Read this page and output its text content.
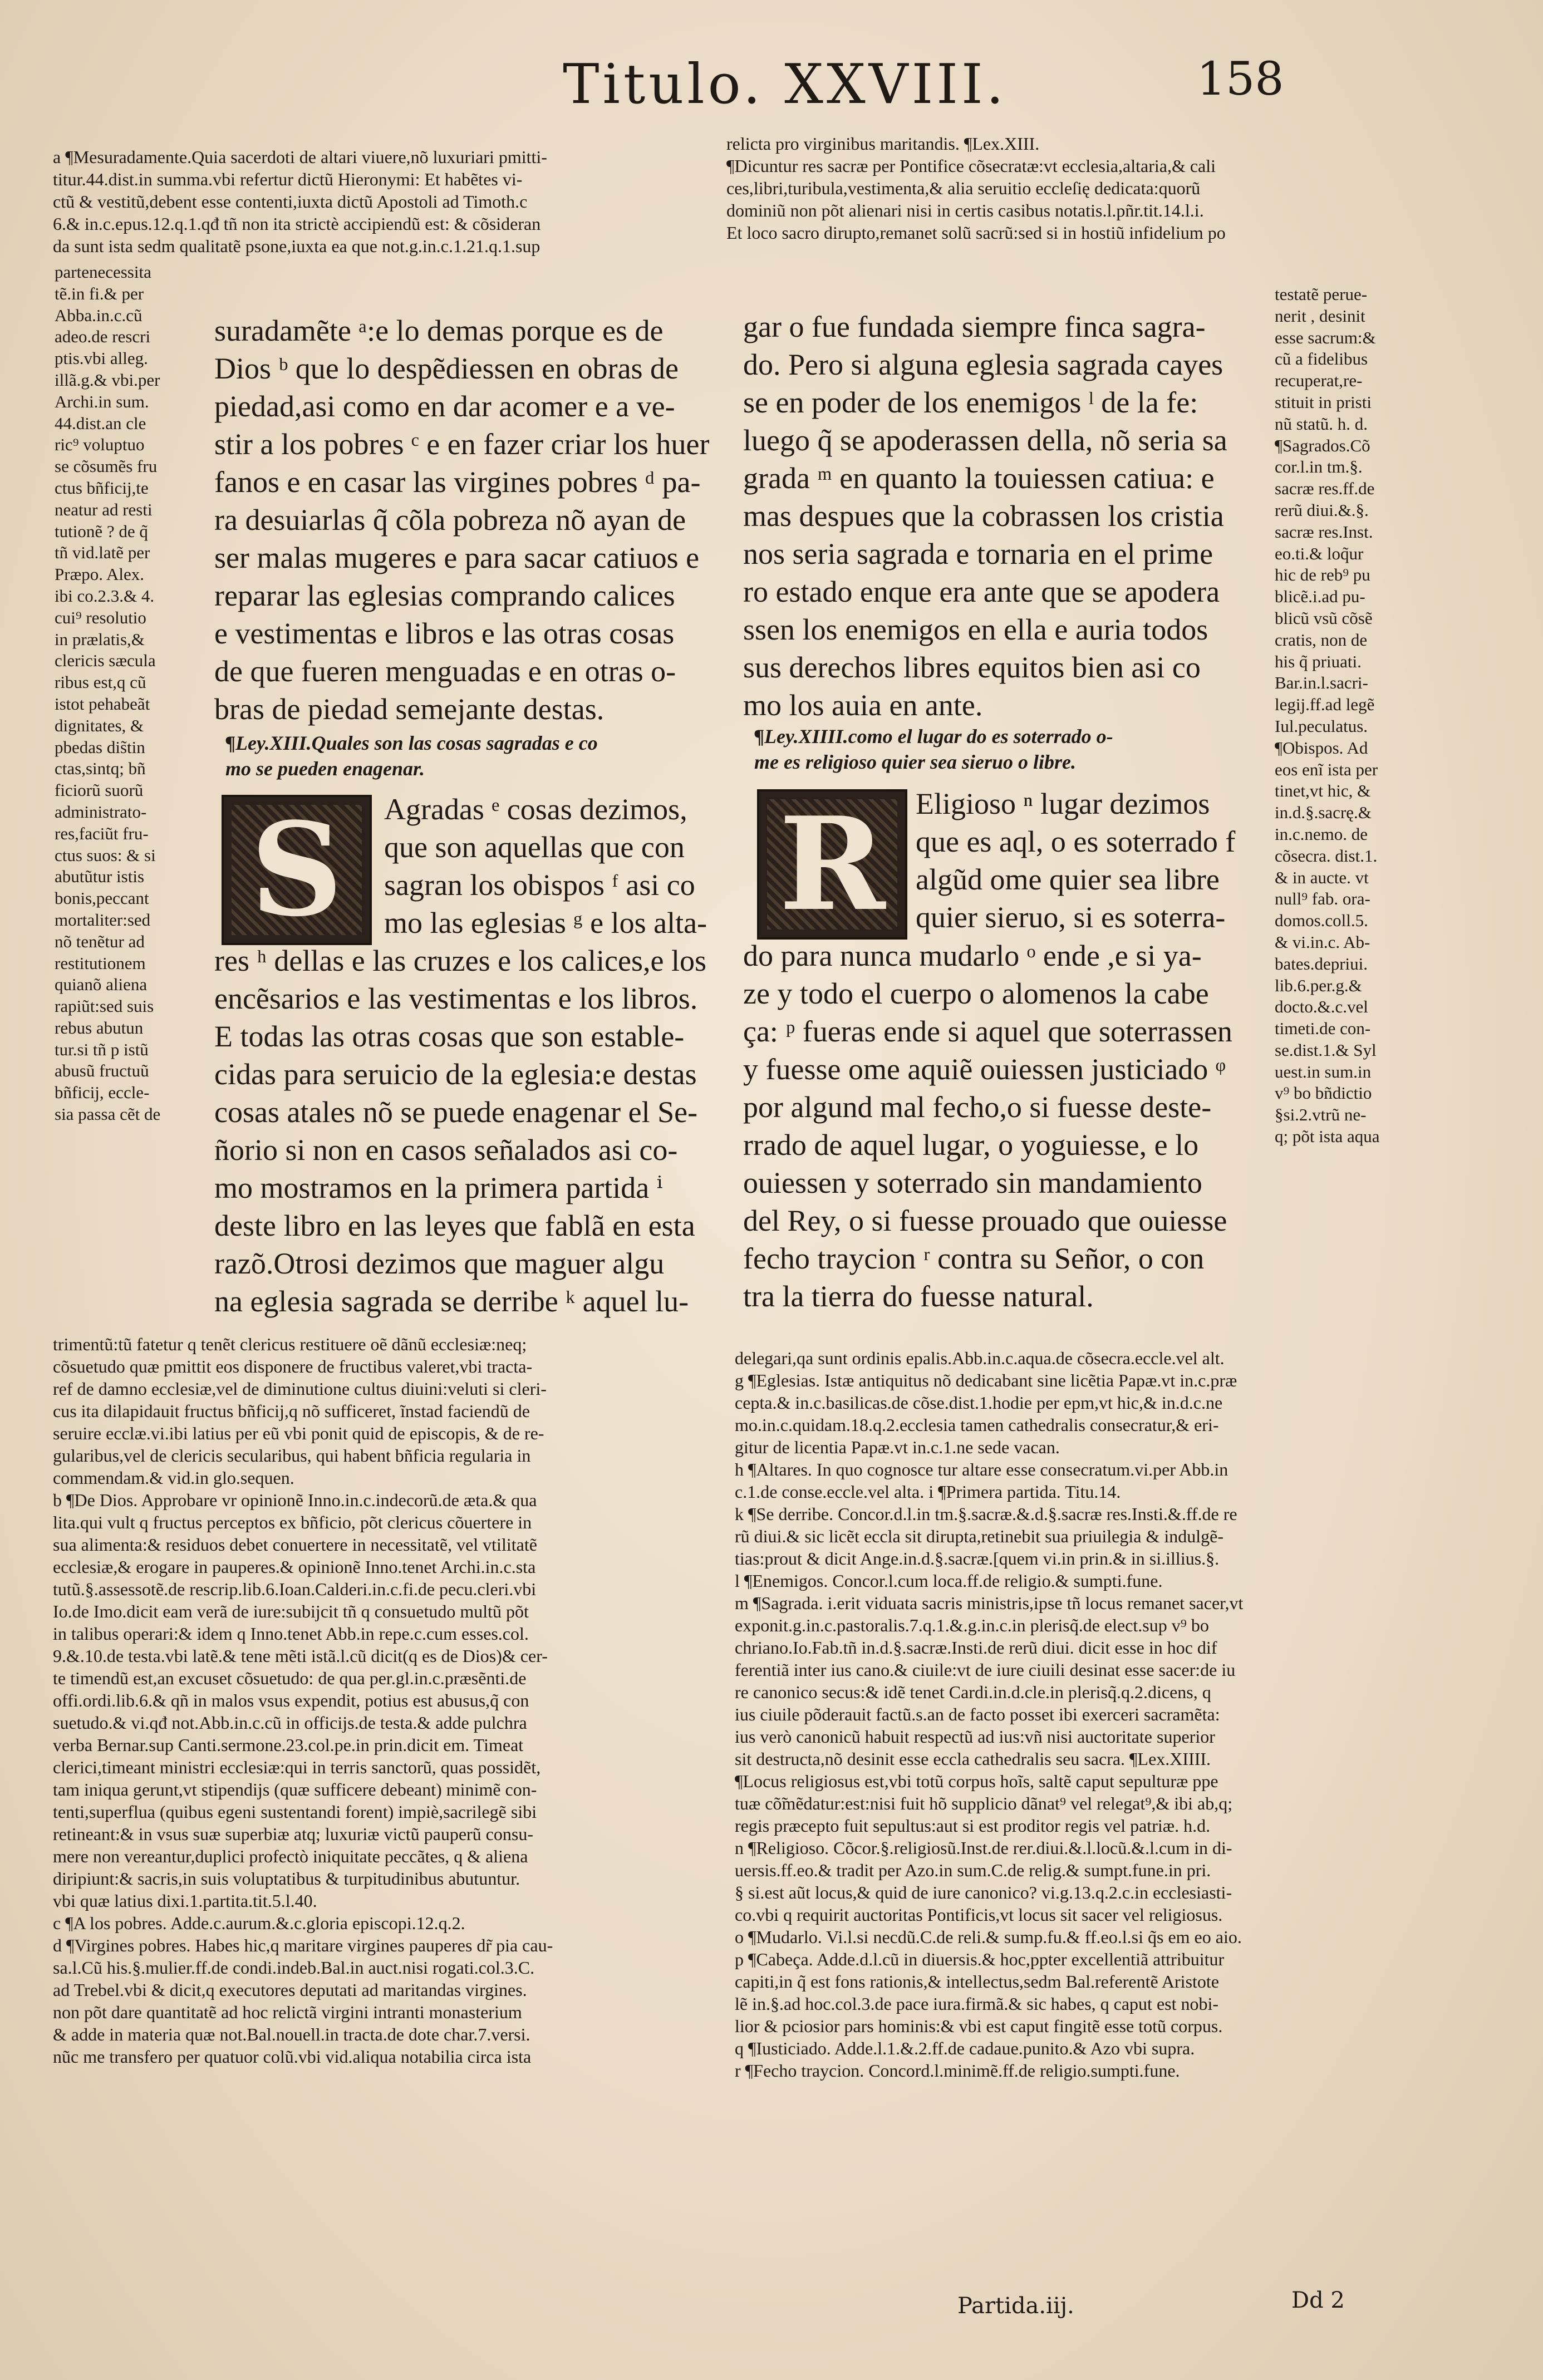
Titulo. XXVIII.	158
a ¶Mesuradamente.Quia sacerdoti de altari viuere,nõ luxuriari pmitti-
titur.44.dist.in summa.vbi refertur dictũ Hieronymi: Et habẽtes vi-
ctũ & vestitũ,debent esse contenti,iuxta dictũ Apostoli ad Timoth.c
6.& in.c.epus.12.q.1.qđ tñ non ita strictè accipiendũ est: & cõsideran
da sunt ista sedm qualitatẽ psone,iuxta ea que not.g.in.c.1.21.q.1.sup
relicta pro virginibus maritandis. ¶Lex.XIII.
¶Dicuntur res sacræ per Pontifice cõsecratæ:vt ecclesia,altaria,& cali
ces,libri,turibula,vestimenta,& alia seruitio eccleſię dedicata:quorũ
dominiũ non põt alienari nisi in certis casibus notatis.l.pñr.tit.14.l.i.
Et loco sacro dirupto,remanet solũ sacrũ:sed si in hostiũ infidelium po
partenecessita
tẽ.in fi.& per
Abba.in.c.cũ
adeo.de rescri
ptis.vbi alleg.
illã.g.& vbi.per
Archi.in sum.
44.dist.an cle
ric⁹ voluptuo
se cõsumẽs fru
ctus bñficij,te
neatur ad resti
tutionẽ ? de q̃
tñ vid.latẽ per
Prӕpo. Alex.
ibi co.2.3.& 4.
cui⁹ resolutio
in prӕlatis,&
clericis sӕcula
ribus est,q cũ
istot pehabeãt
dignitates, &
pbedas dis̃tin
ctas,sintq; bñ
ficiorũ suorũ
administrato-
res,faciũt fru-
ctus suos: & si
abutũtur istis
bonis,peccant
mortaliter:sed
nõ tenẽtur ad
restitutionem
quianõ aliena
rapiũt:sed suis
rebus abutun
tur.si tñ p istũ
abusũ fructuũ
bñficij, eccle-
sia passa cẽt de
suradamẽte ᵃ:e lo demas porque es de
Dios ᵇ que lo despẽdiessen en obras de
piedad,asi como en dar acomer e a ve-
stir a los pobres ᶜ e en fazer criar los huer
fanos e en casar las virgines pobres ᵈ pa-
ra desuiarlas q̃ cõla pobreza nõ ayan de
ser malas mugeres e para sacar catiuos e
reparar las eglesias comprando calices
e vestimentas e libros e las otras cosas
de que fueren menguadas e en otras o-
bras de piedad semejante destas.
¶Ley.XIII.Quales son las cosas sagradas e co
mo se pueden enagenar.
S	Agradas ᵉ cosas dezimos,
que son aquellas que con
sagran los obispos ᶠ asi co
mo las eglesias ᵍ e los alta-
res ʰ dellas e las cruzes e los calices,e los
encẽsarios e las vestimentas e los libros.
E todas las otras cosas que son estable-
cidas para seruicio de la eglesia:e destas
cosas atales nõ se puede enagenar el Se-
ñorio si non en casos señalados asi co-
mo mostramos en la primera partida ⁱ
deste libro en las leyes que fablã en esta
razõ.Otrosi dezimos que maguer algu
na eglesia sagrada se derribe ᵏ aquel lu-
gar o fue fundada siempre finca sagra-
do. Pero si alguna eglesia sagrada cayes
se en poder de los enemigos ˡ de la fe:
luego q̃ se apoderassen della, nõ seria sa
grada ᵐ en quanto la touiessen catiua: e
mas despues que la cobrassen los cristia
nos seria sagrada e tornaria en el prime
ro estado enque era ante que se apodera
ssen los enemigos en ella e auria todos
sus derechos libres equitos bien asi co
mo los auia en ante.
¶Ley.XIIII.como el lugar do es soterrado o-
me es religioso quier sea sieruo o libre.
R	Eligioso ⁿ lugar dezimos
que es aql, o es soterrado f
algũd ome quier sea libre
quier sieruo, si es soterra-
do para nunca mudarlo ᵒ ende ,e si ya-
ze y todo el cuerpo o alomenos la cabe
ça: ᵖ fueras ende si aquel que soterrassen
y fuesse ome aquiẽ ouiessen justiciado ᵠ
por algund mal fecho,o si fuesse deste-
rrado de aquel lugar, o yoguiesse, e lo
ouiessen y soterrado sin mandamiento
del Rey, o si fuesse prouado que ouiesse
fecho traycion ʳ contra su Señor, o con
tra la tierra do fuesse natural.
testatẽ perue-
nerit , desinit
esse sacrum:&
cũ a fidelibus
recuperat,re-
stituit in pristi
nũ statũ. h. d.
¶Sagrados.Cõ
cor.l.in tm.§.
sacræ res.ff.de
rerũ diui.&.§.
sacrӕ res.Inst.
eo.ti.& loq̃ur
hic de reb⁹ pu
blicẽ.i.ad pu-
blicũ vsũ cõsẽ
cratis, non de
his q̃ priuati.
Bar.in.l.sacri-
legij.ff.ad legẽ
Iul.peculatus.
¶Obispos. Ad
eos enĩ ista per
tinet,vt hic, &
in.d.§.sacrę.&
in.c.nemo. de
cõsecra. dist.1.
& in aucte. vt
null⁹ fab. ora-
domos.coll.5.
& vi.in.c. Ab-
bates.depriui.
lib.6.per.g.&
docto.&.c.vel
timeti.de con-
se.dist.1.& Syl
uest.in sum.in
v⁹ bo bñdictio
§si.2.vtrũ ne-
q; põt ista aqua
trimentũ:tũ fatetur q tenẽt clericus restituere oẽ dãnũ ecclesiæ:neq;
cõsuetudo quӕ pmittit eos disponere de fructibus valeret,vbi tracta-
ref de damno ecclesiæ,vel de diminutione cultus diuini:veluti si cleri-
cus ita dilapidauit fructus bñficij,q nõ sufficeret, ĩnstad faciendũ de
seruire ecclæ.vi.ibi latius per eũ vbi ponit quid de episcopis, & de re-
gularibus,vel de clericis secularibus, qui habent bñficia regularia in
commendam.& vid.in glo.sequen.
b ¶De Dios. Approbare vr opinionẽ Inno.in.c.indecorũ.de ӕta.& qua
lita.qui vult q fructus perceptos ex bñficio, põt clericus cõuertere in
sua alimenta:& residuos debet conuertere in necessitatẽ, vel vtilitatẽ
ecclesiæ,& erogare in pauperes.& opinionẽ Inno.tenet Archi.in.c.sta
tutũ.§.assessotẽ.de rescrip.lib.6.Ioan.Calderi.in.c.fi.de pecu.cleri.vbi
Io.de Imo.dicit eam verã de iure:subijcit tñ q consuetudo multũ põt
in talibus operari:& idem q Inno.tenet Abb.in repe.c.cum esses.col.
9.&.10.de testa.vbi latẽ.& tene mẽti istã.l.cũ dicit(q es de Dios)& cer-
te timendũ est,an excuset cõsuetudo: de qua per.gl.in.c.præsẽnti.de
offi.ordi.lib.6.& qñ in malos vsus expendit, potius est abusus,q̃ con
suetudo.& vi.qđ not.Abb.in.c.cũ in officijs.de testa.& adde pulchra
verba Bernar.sup Canti.sermone.23.col.pe.in prin.dicit em. Timeat
clerici,timeant ministri ecclesiæ:qui in terris sanctorũ, quas possidẽt,
tam iniqua gerunt,vt stipendijs (quæ sufficere debeant) minimẽ con-
tenti,superflua (quibus egeni sustentandi forent) impiè,sacrilegẽ sibi
retineant:& in vsus suæ superbiæ atq; luxuriæ victũ pauperũ consu-
mere non vereantur,duplici profectò iniquitate peccãtes, q & aliena
diripiunt:& sacris,in suis voluptatibus & turpitudinibus abutuntur.
vbi quæ latius dixi.1.partita.tit.5.l.40.
c ¶A los pobres. Adde.c.aurum.&.c.gloria episcopi.12.q.2.
d ¶Virgines pobres. Habes hic,q maritare virgines pauperes dr̃ pia cau-
sa.l.Cũ his.§.mulier.ff.de condi.indeb.Bal.in auct.nisi rogati.col.3.C.
ad Trebel.vbi & dicit,q executores deputati ad maritandas virgines.
non põt dare quantitatẽ ad hoc relictã virgini intranti monasterium
& adde in materia quæ not.Bal.nouell.in tracta.de dote char.7.versi.
nũc me transfero per quatuor colũ.vbi vid.aliqua notabilia circa ista
delegari,qa sunt ordinis epalis.Abb.in.c.aqua.de cõsecra.eccle.vel alt.
g ¶Eglesias. Istæ antiquitus nõ dedicabant sine licẽtia Papæ.vt in.c.præ
cepta.& in.c.basilicas.de cõse.dist.1.hodie per epm,vt hic,& in.d.c.ne
mo.in.c.quidam.18.q.2.ecclesia tamen cathedralis consecratur,& eri-
gitur de licentia Papæ.vt in.c.1.ne sede vacan.
h ¶Altares. In quo cognosce tur altare esse consecratum.vi.per Abb.in
c.1.de conse.eccle.vel alta. i ¶Primera partida. Titu.14.
k ¶Se derribe. Concor.d.l.in tm.§.sacræ.&.d.§.sacræ res.Insti.&.ff.de re
rũ diui.& sic licẽt eccla sit dirupta,retinebit sua priuilegia & indulgẽ-
tias:prout & dicit Ange.in.d.§.sacræ.[quem vi.in prin.& in si.illius.§.
l ¶Enemigos. Concor.l.cum loca.ff.de religio.& sumpti.fune.
m ¶Sagrada. i.erit viduata sacris ministris,ipse tñ locus remanet sacer,vt
exponit.g.in.c.pastoralis.7.q.1.&.g.in.c.in plerisq̃.de elect.sup v⁹ bo
chriano.Io.Fab.tñ in.d.§.sacræ.Insti.de rerũ diui. dicit esse in hoc dif
ferentiã inter ius cano.& ciuile:vt de iure ciuili desinat esse sacer:de iu
re canonico secus:& idẽ tenet Cardi.in.d.cle.in plerisq̃.q.2.dicens, q
ius ciuile põderauit factũ.s.an de facto posset ibi exerceri sacramẽta:
ius verò canonicũ habuit respectũ ad ius:vñ nisi auctoritate superior
sit destructa,nõ desinit esse eccla cathedralis seu sacra. ¶Lex.XIIII.
¶Locus religiosus est,vbi totũ corpus hoĩs, saltẽ caput sepulturæ ppe
tuæ cõ̃mẽdatur:est:nisi fuit hõ supplicio dãnat⁹ vel relegat⁹,& ibi ab,q;
regis præcepto fuit sepultus:aut si est proditor regis vel patriæ. h.d.
n ¶Religioso. Cõcor.§.religiosũ.Inst.de rer.diui.&.l.locũ.&.l.cum in di-
uersis.ff.eo.& tradit per Azo.in sum.C.de relig.& sumpt.fune.in pri.
§ si.est aũt locus,& quid de iure canonico? vi.g.13.q.2.c.in ecclesiasti-
co.vbi q requirit auctoritas Pontificis,vt locus sit sacer vel religiosus.
o ¶Mudarlo. Vi.l.si necdũ.C.de reli.& sump.fu.& ff.eo.l.si q̃s em eo aio.
p ¶Cabeça. Adde.d.l.cũ in diuersis.& hoc,ppter excellentiã attribuitur
capiti,in q̃ est fons rationis,& intellectus,sedm Bal.referentẽ Aristote
lẽ in.§.ad hoc.col.3.de pace iura.firmã.& sic habes, q caput est nobi-
lior & pciosior pars hominis:& vbi est caput fingitẽ esse totũ corpus.
q ¶Iusticiado. Adde.l.1.&.2.ff.de cadaue.punito.& Azo vbi supra.
r ¶Fecho traycion. Concord.l.minimẽ.ff.de religio.sumpti.fune.
Partida.iij.	Dd 2
